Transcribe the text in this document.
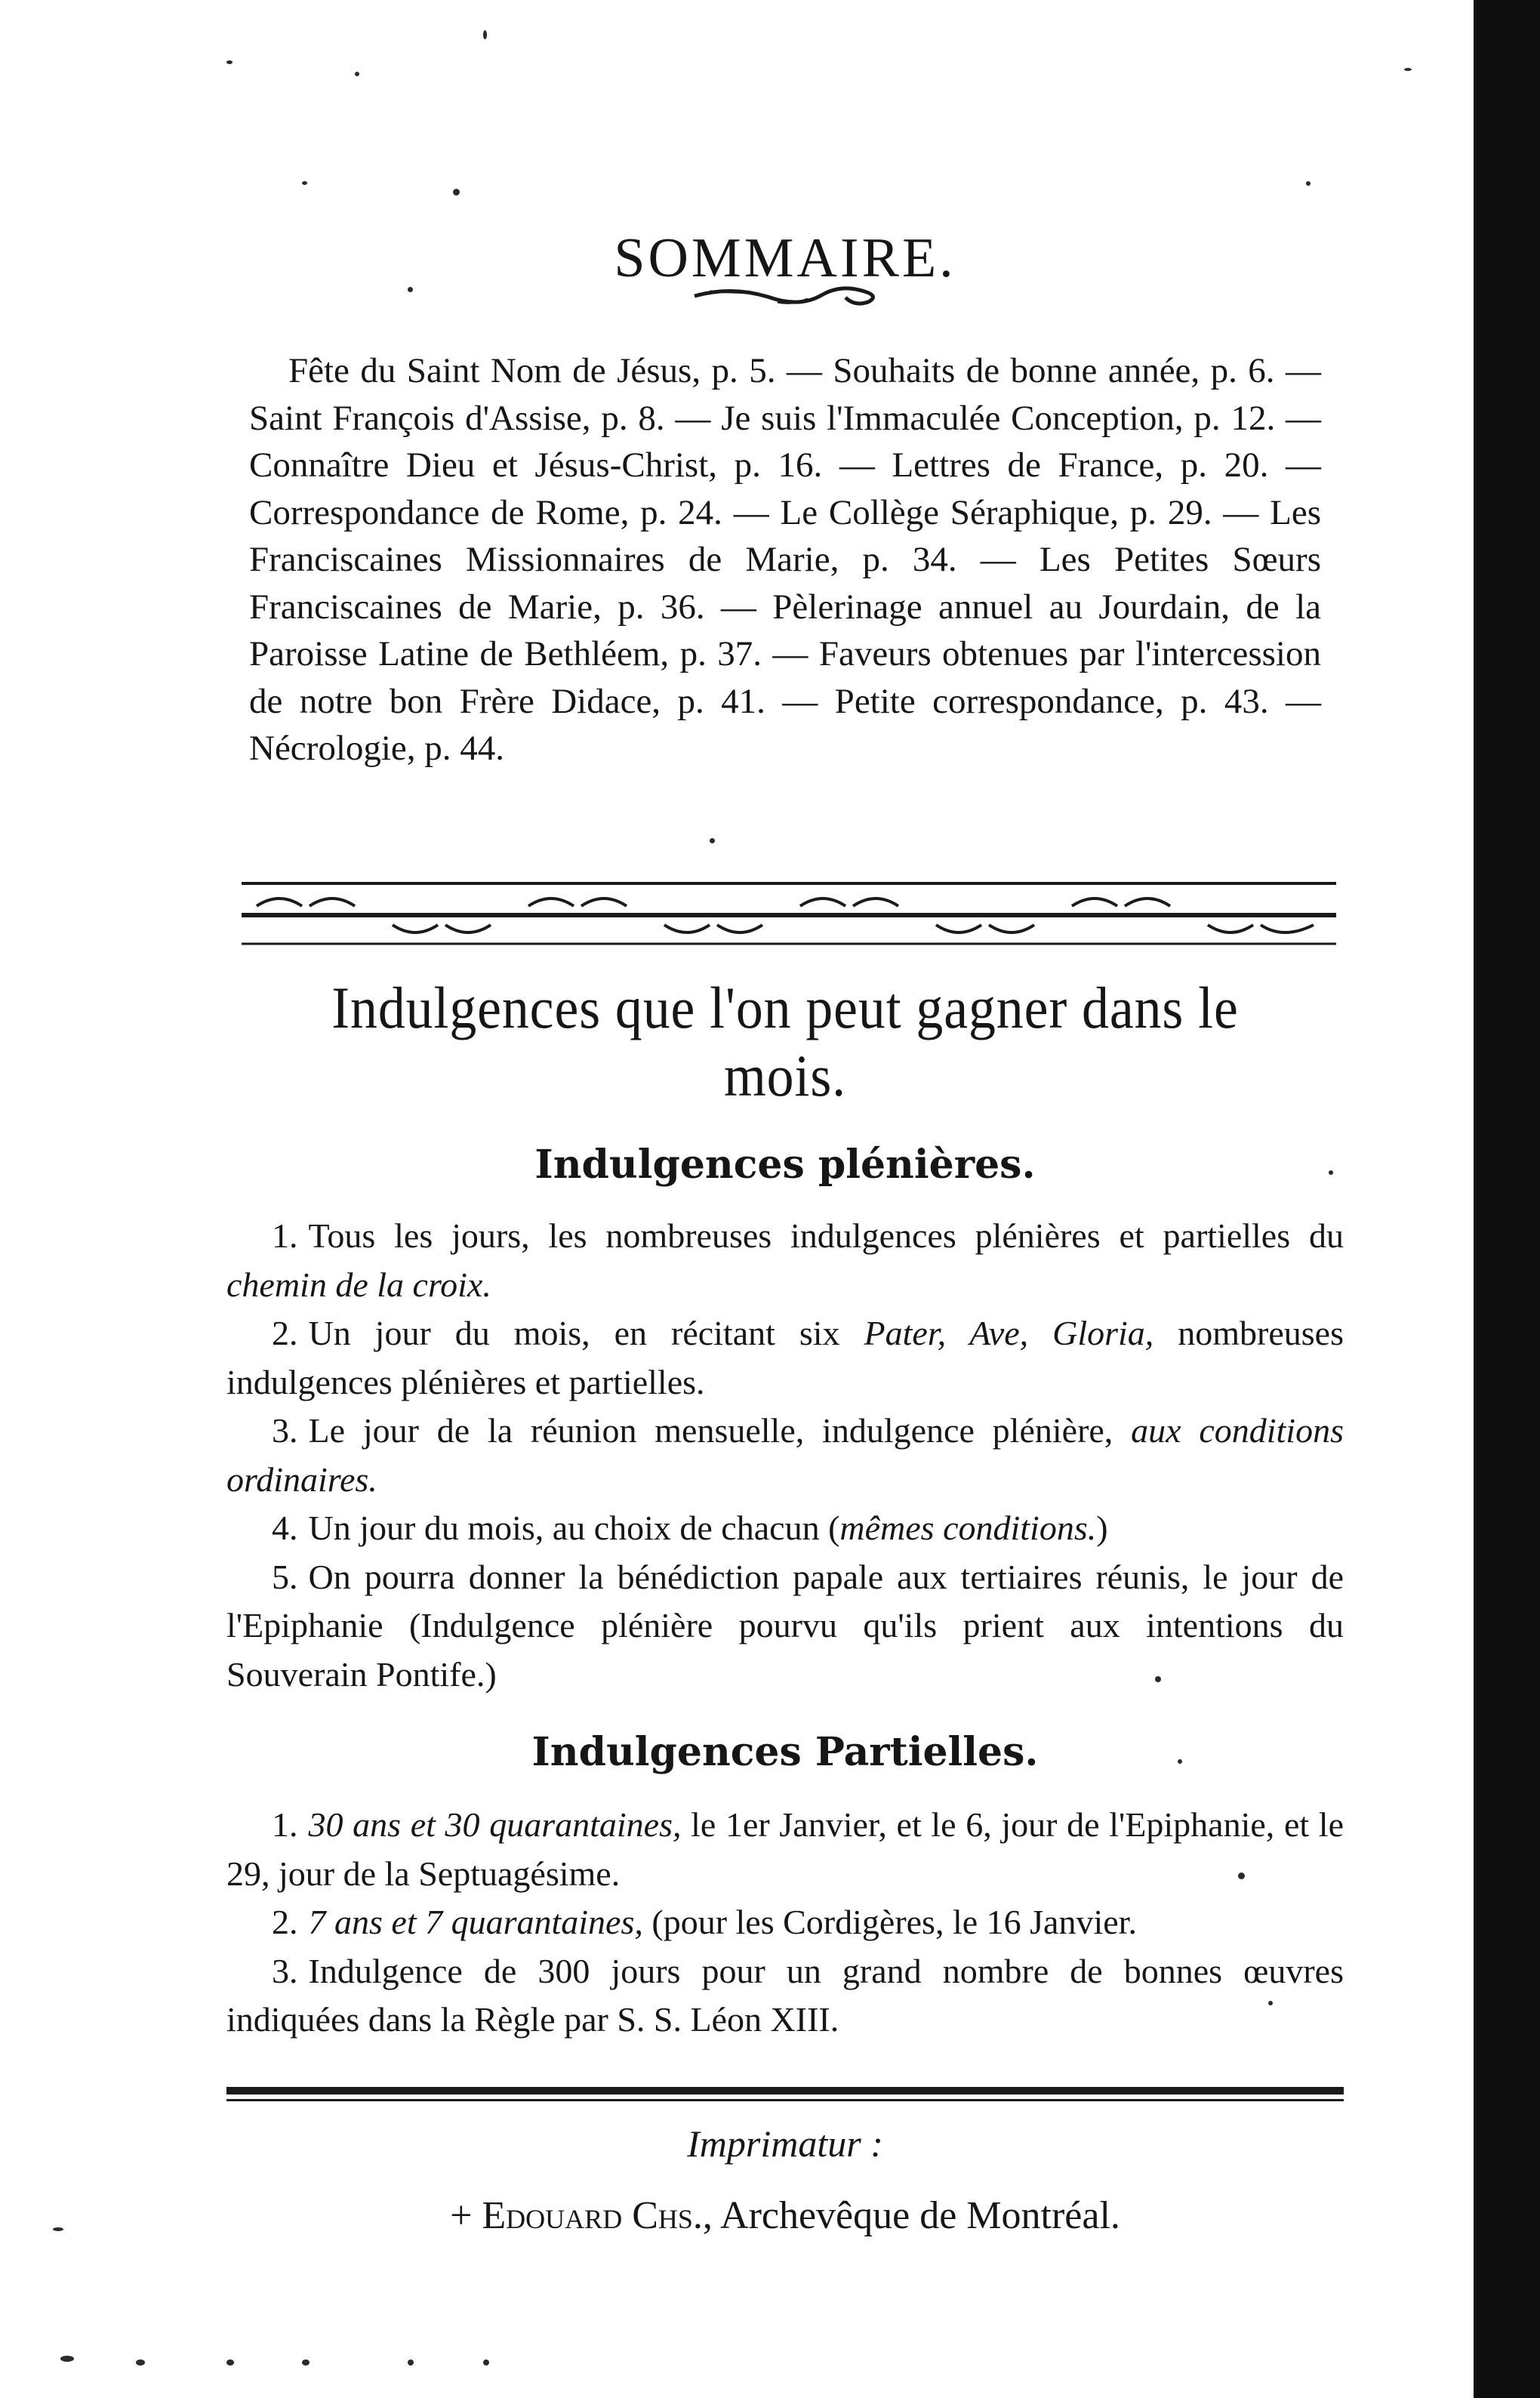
SOMMAIRE.

Fête du Saint Nom de Jésus, p. 5. — Souhaits de bonne année, p. 6. — Saint François d'Assise, p. 8. — Je suis l'Immaculée Conception, p. 12. — Connaître Dieu et Jésus-Christ, p. 16. — Lettres de France, p. 20. — Correspondance de Rome, p. 24. — Le Collège Séraphique, p. 29. — Les Franciscaines Missionnaires de Marie, p. 34. — Les Petites Sœurs Franciscaines de Marie, p. 36. — Pèlerinage annuel au Jourdain, de la Paroisse Latine de Bethléem, p. 37. — Faveurs obtenues par l'intercession de notre bon Frère Didace, p. 41. — Petite correspondance, p. 43. — Nécrologie, p. 44.

Indulgences que l'on peut gagner dans le mois.
Indulgences plénières.
1. Tous les jours, les nombreuses indulgences plénières et partielles du chemin de la croix.
2. Un jour du mois, en récitant six Pater, Ave, Gloria, nombreuses indulgences plénières et partielles.
3. Le jour de la réunion mensuelle, indulgence plénière, aux conditions ordinaires.
4. Un jour du mois, au choix de chacun (mêmes conditions.)
5. On pourra donner la bénédiction papale aux tertiaires réunis, le jour de l'Epiphanie (Indulgence plénière pourvu qu'ils prient aux intentions du Souverain Pontife.)
Indulgences Partielles.
1. 30 ans et 30 quarantaines, le 1er Janvier, et le 6, jour de l'Epiphanie, et le 29, jour de la Septuagésime.
2. 7 ans et 7 quarantaines, (pour les Cordigères, le 16 Janvier.
3. Indulgence de 300 jours pour un grand nombre de bonnes œuvres indiquées dans la Règle par S. S. Léon XIII.

Imprimatur :

+ Edouard Chs., Archevêque de Montréal.
